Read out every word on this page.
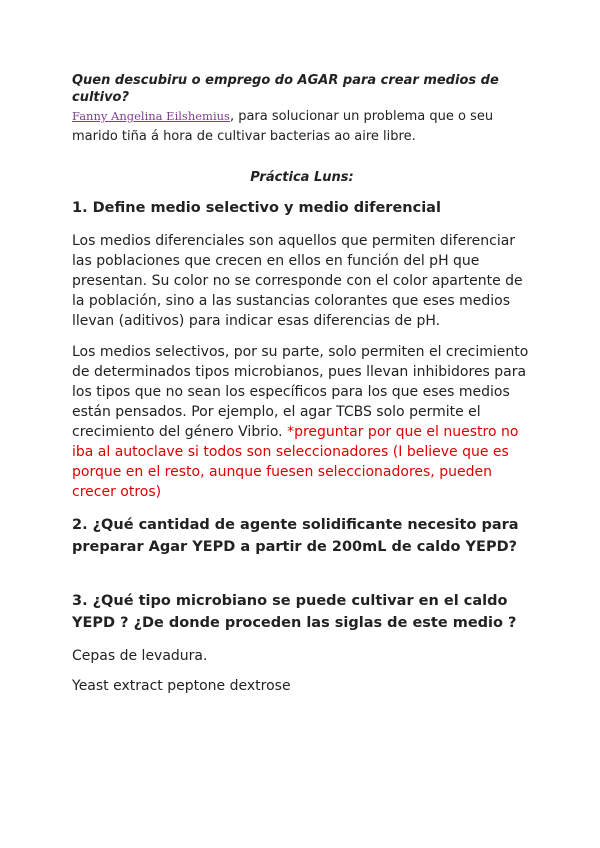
Quen descubiru o emprego do AGAR para crear medios de cultivo?

Fanny Angelina Eilshemius, para solucionar un problema que o seu marido tiña á hora de cultivar bacterias ao aire libre.

Práctica Luns:

1. Define medio selectivo y medio diferencial

Los medios diferenciales son aquellos que permiten diferenciar las poblaciones que crecen en ellos en función del pH que presentan. Su color no se corresponde con el color apartente de la población, sino a las sustancias colorantes que eses medios llevan (aditivos) para indicar esas diferencias de pH.

Los medios selectivos, por su parte, solo permiten el crecimiento de determinados tipos microbianos, pues llevan inhibidores para los tipos que no sean los específicos para los que eses medios están pensados. Por ejemplo, el agar TCBS solo permite el crecimiento del género Vibrio. *preguntar por que el nuestro no iba al autoclave si todos son seleccionadores (I believe que es porque en el resto, aunque fuesen seleccionadores, pueden crecer otros)

2. ¿Qué cantidad de agente solidificante necesito para preparar Agar YEPD a partir de 200mL de caldo YEPD?

3. ¿Qué tipo microbiano se puede cultivar en el caldo YEPD ? ¿De donde proceden las siglas de este medio ?

Cepas de levadura.

Yeast extract peptone dextrose
